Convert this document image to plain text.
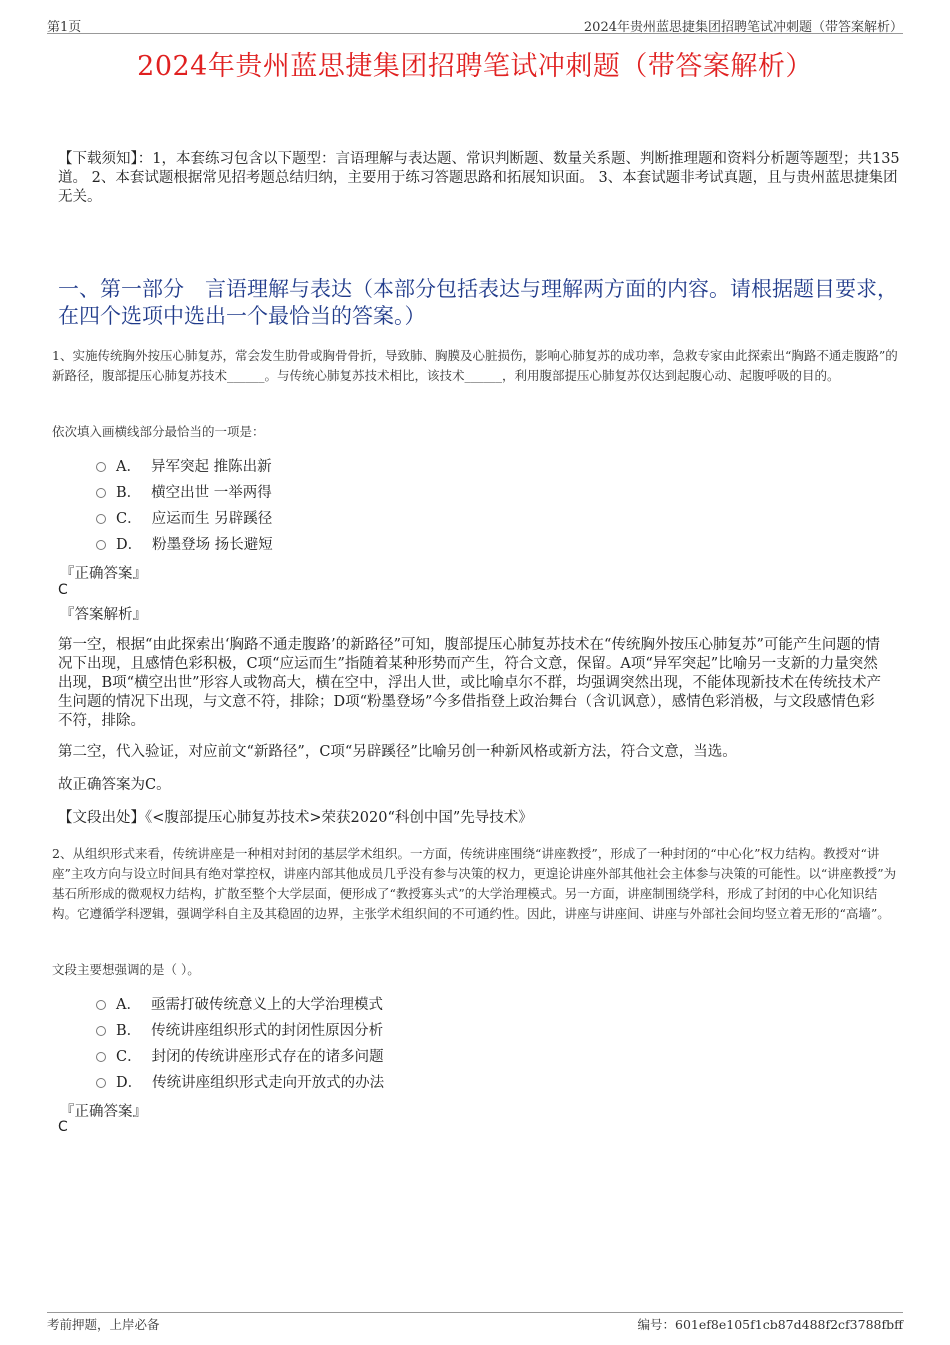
第1页	2024年贵州蓝思捷集团招聘笔试冲刺题（带答案解析）
2024年贵州蓝思捷集团招聘笔试冲刺题（带答案解析）
【下载须知】：1，本套练习包含以下题型：言语理解与表达题、常识判断题、数量关系题、判断推理题和资料分析题等题型；共135道。 2、本套试题根据常见招考题总结归纳，主要用于练习答题思路和拓展知识面。 3、本套试题非考试真题，且与贵州蓝思捷集团无关。
一、第一部分　言语理解与表达（本部分包括表达与理解两方面的内容。请根据题目要求，在四个选项中选出一个最恰当的答案。）
1、实施传统胸外按压心肺复苏，常会发生肋骨或胸骨骨折，导致肺、胸膜及心脏损伤，影响心肺复苏的成功率，急救专家由此探索出“胸路不通走腹路”的新路径，腹部提压心肺复苏技术______。与传统心肺复苏技术相比，该技术______，利用腹部提压心肺复苏仅达到起腹心动、起腹呼吸的目的。
依次填入画横线部分最恰当的一项是：
A． 异军突起 推陈出新
B． 横空出世 一举两得
C． 应运而生 另辟蹊径
D． 粉墨登场 扬长避短
『正确答案』
C
『答案解析』
第一空，根据“由此探索出‘胸路不通走腹路’的新路径”可知，腹部提压心肺复苏技术在“传统胸外按压心肺复苏”可能产生问题的情况下出现，且感情色彩积极，C项“应运而生”指随着某种形势而产生，符合文意，保留。A项“异军突起”比喻另一支新的力量突然出现，B项“横空出世”形容人或物高大，横在空中，浮出人世，或比喻卓尔不群，均强调突然出现，不能体现新技术在传统技术产生问题的情况下出现，与文意不符，排除；D项“粉墨登场”今多借指登上政治舞台（含讥讽意），感情色彩消极，与文段感情色彩不符，排除。
第二空，代入验证，对应前文“新路径”，C项“另辟蹊径”比喻另创一种新风格或新方法，符合文意，当选。
故正确答案为C。
【文段出处】《<腹部提压心肺复苏技术>荣获2020“科创中国”先导技术》
2、从组织形式来看，传统讲座是一种相对封闭的基层学术组织。一方面，传统讲座围绕“讲座教授”，形成了一种封闭的“中心化”权力结构。教授对“讲座”主攻方向与设立时间具有绝对掌控权，讲座内部其他成员几乎没有参与决策的权力，更遑论讲座外部其他社会主体参与决策的可能性。以“讲座教授”为基石所形成的微观权力结构，扩散至整个大学层面，便形成了“教授寡头式”的大学治理模式。另一方面，讲座制围绕学科，形成了封闭的中心化知识结构。它遵循学科逻辑，强调学科自主及其稳固的边界，主张学术组织间的不可通约性。因此，讲座与讲座间、讲座与外部社会间均竖立着无形的“高墙”。
文段主要想强调的是（ ）。
A． 亟需打破传统意义上的大学治理模式
B． 传统讲座组织形式的封闭性原因分析
C． 封闭的传统讲座形式存在的诸多问题
D． 传统讲座组织形式走向开放式的办法
『正确答案』
C
考前押题，上岸必备	编号：601ef8e105f1cb87d488f2cf3788fbff
